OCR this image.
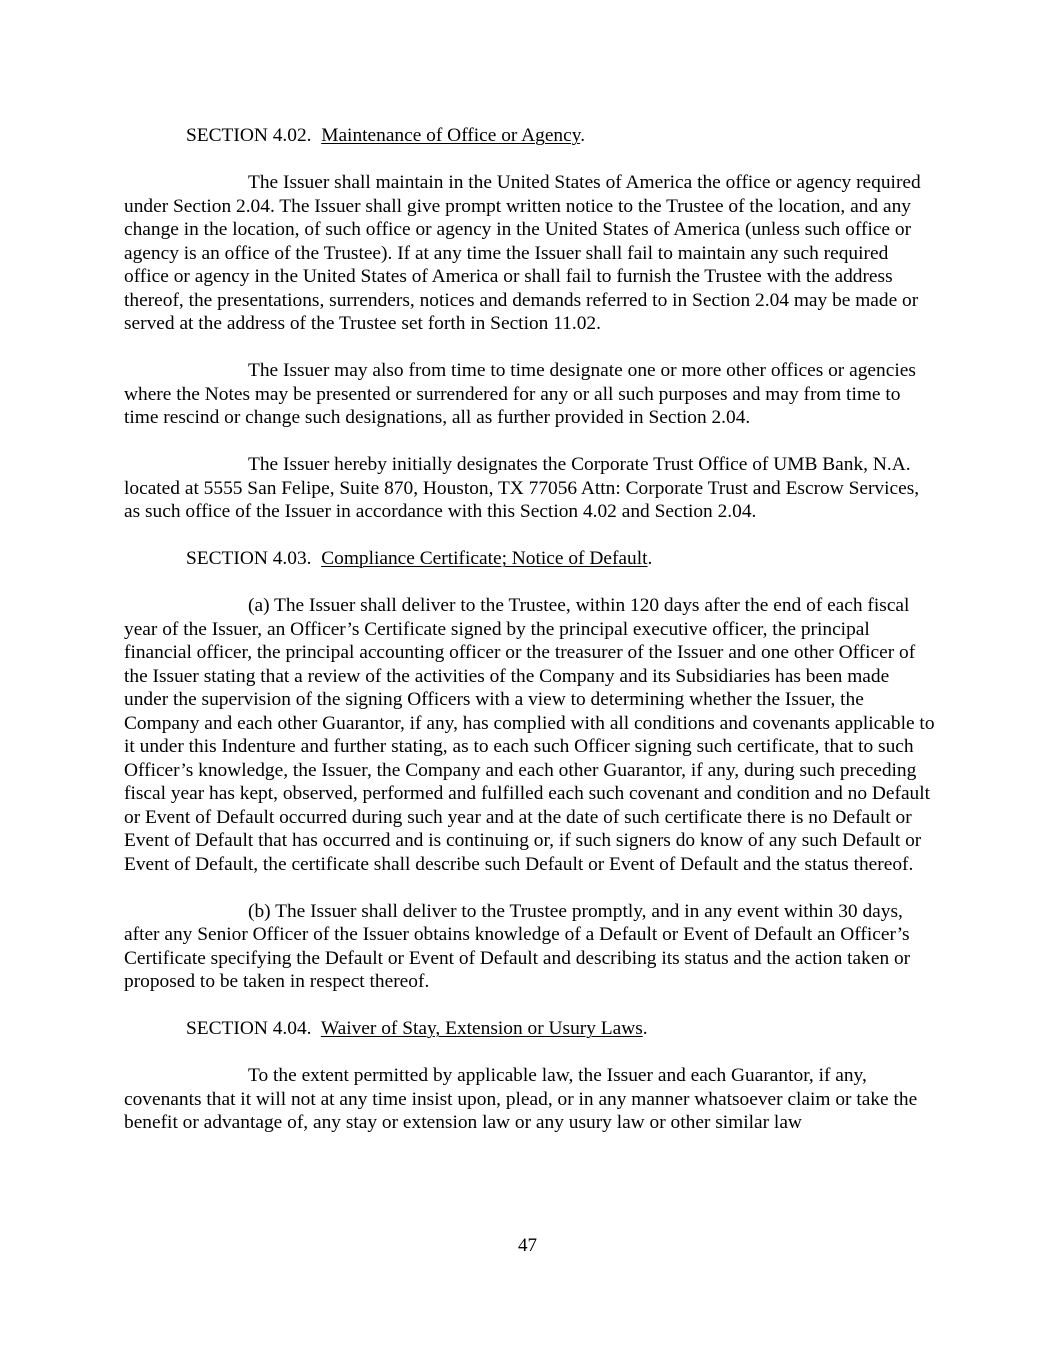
SECTION 4.02. Maintenance of Office or Agency.

The Issuer shall maintain in the United States of America the office or agency required under Section 2.04. The Issuer shall give prompt written notice to the Trustee of the location, and any change in the location, of such office or agency in the United States of America (unless such office or agency is an office of the Trustee). If at any time the Issuer shall fail to maintain any such required office or agency in the United States of America or shall fail to furnish the Trustee with the address thereof, the presentations, surrenders, notices and demands referred to in Section 2.04 may be made or served at the address of the Trustee set forth in Section 11.02.

The Issuer may also from time to time designate one or more other offices or agencies where the Notes may be presented or surrendered for any or all such purposes and may from time to time rescind or change such designations, all as further provided in Section 2.04.

The Issuer hereby initially designates the Corporate Trust Office of UMB Bank, N.A. located at 5555 San Felipe, Suite 870, Houston, TX 77056 Attn: Corporate Trust and Escrow Services, as such office of the Issuer in accordance with this Section 4.02 and Section 2.04.

SECTION 4.03. Compliance Certificate; Notice of Default.

(a) The Issuer shall deliver to the Trustee, within 120 days after the end of each fiscal year of the Issuer, an Officer’s Certificate signed by the principal executive officer, the principal financial officer, the principal accounting officer or the treasurer of the Issuer and one other Officer of the Issuer stating that a review of the activities of the Company and its Subsidiaries has been made under the supervision of the signing Officers with a view to determining whether the Issuer, the Company and each other Guarantor, if any, has complied with all conditions and covenants applicable to it under this Indenture and further stating, as to each such Officer signing such certificate, that to such Officer’s knowledge, the Issuer, the Company and each other Guarantor, if any, during such preceding fiscal year has kept, observed, performed and fulfilled each such covenant and condition and no Default or Event of Default occurred during such year and at the date of such certificate there is no Default or Event of Default that has occurred and is continuing or, if such signers do know of any such Default or Event of Default, the certificate shall describe such Default or Event of Default and the status thereof.

(b) The Issuer shall deliver to the Trustee promptly, and in any event within 30 days, after any Senior Officer of the Issuer obtains knowledge of a Default or Event of Default an Officer’s Certificate specifying the Default or Event of Default and describing its status and the action taken or proposed to be taken in respect thereof.

SECTION 4.04. Waiver of Stay, Extension or Usury Laws.

To the extent permitted by applicable law, the Issuer and each Guarantor, if any, covenants that it will not at any time insist upon, plead, or in any manner whatsoever claim or take the benefit or advantage of, any stay or extension law or any usury law or other similar law

47
